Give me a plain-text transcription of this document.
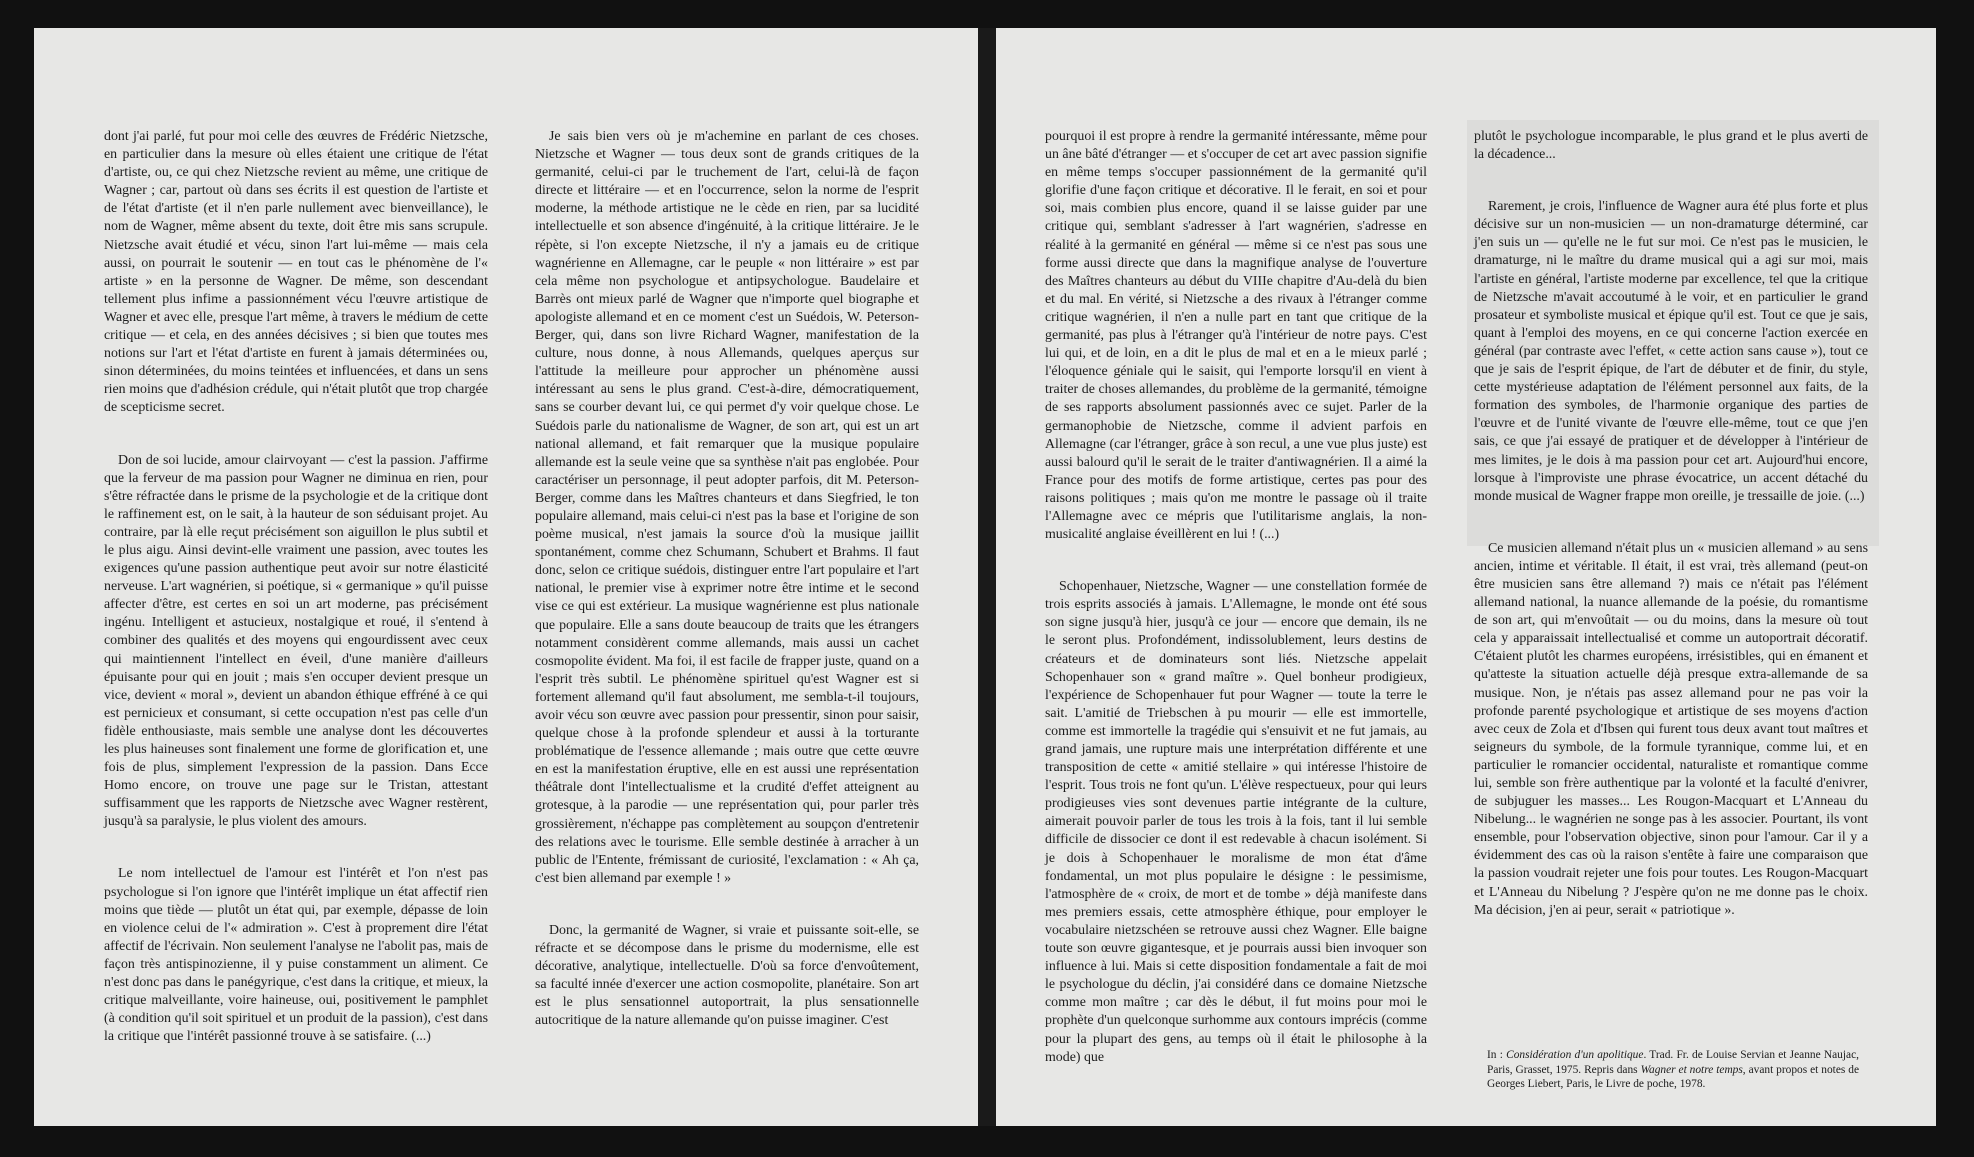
dont j'ai parlé, fut pour moi celle des œuvres de Frédéric Nietzsche, en particulier dans la mesure où elles étaient une critique de l'état d'artiste, ou, ce qui chez Nietzsche revient au même, une critique de Wagner ; car, partout où dans ses écrits il est question de l'artiste et de l'état d'artiste (et il n'en parle nullement avec bienveillance), le nom de Wagner, même absent du texte, doit être mis sans scrupule. Nietzsche avait étudié et vécu, sinon l'art lui-même — mais cela aussi, on pourrait le soutenir — en tout cas le phénomène de l'« artiste » en la personne de Wagner. De même, son descendant tellement plus infime a passionnément vécu l'œuvre artistique de Wagner et avec elle, presque l'art même, à travers le médium de cette critique — et cela, en des années décisives ; si bien que toutes mes notions sur l'art et l'état d'artiste en furent à jamais déterminées ou, sinon déterminées, du moins teintées et influencées, et dans un sens rien moins que d'adhésion crédule, qui n'était plutôt que trop chargée de scepticisme secret.

Don de soi lucide, amour clairvoyant — c'est la passion. J'affirme que la ferveur de ma passion pour Wagner ne diminua en rien, pour s'être réfractée dans le prisme de la psychologie et de la critique dont le raffinement est, on le sait, à la hauteur de son séduisant projet. Au contraire, par là elle reçut précisément son aiguillon le plus subtil et le plus aigu. Ainsi devint-elle vraiment une passion, avec toutes les exigences qu'une passion authentique peut avoir sur notre élasticité nerveuse. L'art wagnérien, si poétique, si « germanique » qu'il puisse affecter d'être, est certes en soi un art moderne, pas précisément ingénu. Intelligent et astucieux, nostalgique et roué, il s'entend à combiner des qualités et des moyens qui engourdissent avec ceux qui maintiennent l'intellect en éveil, d'une manière d'ailleurs épuisante pour qui en jouit ; mais s'en occuper devient presque un vice, devient « moral », devient un abandon éthique effréné à ce qui est pernicieux et consumant, si cette occupation n'est pas celle d'un fidèle enthousiaste, mais semble une analyse dont les découvertes les plus haineuses sont finalement une forme de glorification et, une fois de plus, simplement l'expression de la passion. Dans Ecce Homo encore, on trouve une page sur le Tristan, attestant suffisamment que les rapports de Nietzsche avec Wagner restèrent, jusqu'à sa paralysie, le plus violent des amours.

Le nom intellectuel de l'amour est l'intérêt et l'on n'est pas psychologue si l'on ignore que l'intérêt implique un état affectif rien moins que tiède — plutôt un état qui, par exemple, dépasse de loin en violence celui de l'« admiration ». C'est à proprement dire l'état affectif de l'écrivain. Non seulement l'analyse ne l'abolit pas, mais de façon très antispinozienne, il y puise constamment un aliment. Ce n'est donc pas dans le panégyrique, c'est dans la critique, et mieux, la critique malveillante, voire haineuse, oui, positivement le pamphlet (à condition qu'il soit spirituel et un produit de la passion), c'est dans la critique que l'intérêt passionné trouve à se satisfaire. (...)

Je sais bien vers où je m'achemine en parlant de ces choses. Nietzsche et Wagner — tous deux sont de grands critiques de la germanité, celui-ci par le truchement de l'art, celui-là de façon directe et littéraire — et en l'occurrence, selon la norme de l'esprit moderne, la méthode artistique ne le cède en rien, par sa lucidité intellectuelle et son absence d'ingénuité, à la critique littéraire. Je le répète, si l'on excepte Nietzsche, il n'y a jamais eu de critique wagnérienne en Allemagne, car le peuple « non littéraire » est par cela même non psychologue et antipsychologue. Baudelaire et Barrès ont mieux parlé de Wagner que n'importe quel biographe et apologiste allemand et en ce moment c'est un Suédois, W. Peterson-Berger, qui, dans son livre Richard Wagner, manifestation de la culture, nous donne, à nous Allemands, quelques aperçus sur l'attitude la meilleure pour approcher un phénomène aussi intéressant au sens le plus grand. C'est-à-dire, démocratiquement, sans se courber devant lui, ce qui permet d'y voir quelque chose. Le Suédois parle du nationalisme de Wagner, de son art, qui est un art national allemand, et fait remarquer que la musique populaire allemande est la seule veine que sa synthèse n'ait pas englobée. Pour caractériser un personnage, il peut adopter parfois, dit M. Peterson-Berger, comme dans les Maîtres chanteurs et dans Siegfried, le ton populaire allemand, mais celui-ci n'est pas la base et l'origine de son poème musical, n'est jamais la source d'où la musique jaillit spontanément, comme chez Schumann, Schubert et Brahms. Il faut donc, selon ce critique suédois, distinguer entre l'art populaire et l'art national, le premier vise à exprimer notre être intime et le second vise ce qui est extérieur. La musique wagnérienne est plus nationale que populaire. Elle a sans doute beaucoup de traits que les étrangers notamment considèrent comme allemands, mais aussi un cachet cosmopolite évident. Ma foi, il est facile de frapper juste, quand on a l'esprit très subtil. Le phénomène spirituel qu'est Wagner est si fortement allemand qu'il faut absolument, me sembla-t-il toujours, avoir vécu son œuvre avec passion pour pressentir, sinon pour saisir, quelque chose à la profonde splendeur et aussi à la torturante problématique de l'essence allemande ; mais outre que cette œuvre en est la manifestation éruptive, elle en est aussi une représentation théâtrale dont l'intellectualisme et la crudité d'effet atteignent au grotesque, à la parodie — une représentation qui, pour parler très grossièrement, n'échappe pas complètement au soupçon d'entretenir des relations avec le tourisme. Elle semble destinée à arracher à un public de l'Entente, frémissant de curiosité, l'exclamation : « Ah ça, c'est bien allemand par exemple ! »

Donc, la germanité de Wagner, si vraie et puissante soit-elle, se réfracte et se décompose dans le prisme du modernisme, elle est décorative, analytique, intellectuelle. D'où sa force d'envoûtement, sa faculté innée d'exercer une action cosmopolite, planétaire. Son art est le plus sensationnel autoportrait, la plus sensationnelle autocritique de la nature allemande qu'on puisse imaginer. C'est

pourquoi il est propre à rendre la germanité intéressante, même pour un âne bâté d'étranger — et s'occuper de cet art avec passion signifie en même temps s'occuper passionnément de la germanité qu'il glorifie d'une façon critique et décorative. Il le ferait, en soi et pour soi, mais combien plus encore, quand il se laisse guider par une critique qui, semblant s'adresser à l'art wagnérien, s'adresse en réalité à la germanité en général — même si ce n'est pas sous une forme aussi directe que dans la magnifique analyse de l'ouverture des Maîtres chanteurs au début du VIIIe chapitre d'Au-delà du bien et du mal. En vérité, si Nietzsche a des rivaux à l'étranger comme critique wagnérien, il n'en a nulle part en tant que critique de la germanité, pas plus à l'étranger qu'à l'intérieur de notre pays. C'est lui qui, et de loin, en a dit le plus de mal et en a le mieux parlé ; l'éloquence géniale qui le saisit, qui l'emporte lorsqu'il en vient à traiter de choses allemandes, du problème de la germanité, témoigne de ses rapports absolument passionnés avec ce sujet. Parler de la germanophobie de Nietzsche, comme il advient parfois en Allemagne (car l'étranger, grâce à son recul, a une vue plus juste) est aussi balourd qu'il le serait de le traiter d'antiwagnérien. Il a aimé la France pour des motifs de forme artistique, certes pas pour des raisons politiques ; mais qu'on me montre le passage où il traite l'Allemagne avec ce mépris que l'utilitarisme anglais, la non-musicalité anglaise éveillèrent en lui ! (...)

Schopenhauer, Nietzsche, Wagner — une constellation formée de trois esprits associés à jamais. L'Allemagne, le monde ont été sous son signe jusqu'à hier, jusqu'à ce jour — encore que demain, ils ne le seront plus. Profondément, indissolublement, leurs destins de créateurs et de dominateurs sont liés. Nietzsche appelait Schopenhauer son « grand maître ». Quel bonheur prodigieux, l'expérience de Schopenhauer fut pour Wagner — toute la terre le sait. L'amitié de Triebschen à pu mourir — elle est immortelle, comme est immortelle la tragédie qui s'ensuivit et ne fut jamais, au grand jamais, une rupture mais une interprétation différente et une transposition de cette « amitié stellaire » qui intéresse l'histoire de l'esprit. Tous trois ne font qu'un. L'élève respectueux, pour qui leurs prodigieuses vies sont devenues partie intégrante de la culture, aimerait pouvoir parler de tous les trois à la fois, tant il lui semble difficile de dissocier ce dont il est redevable à chacun isolément. Si je dois à Schopenhauer le moralisme de mon état d'âme fondamental, un mot plus populaire le désigne : le pessimisme, l'atmosphère de « croix, de mort et de tombe » déjà manifeste dans mes premiers essais, cette atmosphère éthique, pour employer le vocabulaire nietzschéen se retrouve aussi chez Wagner. Elle baigne toute son œuvre gigantesque, et je pourrais aussi bien invoquer son influence à lui. Mais si cette disposition fondamentale a fait de moi le psychologue du déclin, j'ai considéré dans ce domaine Nietzsche comme mon maître ; car dès le début, il fut moins pour moi le prophète d'un quelconque surhomme aux contours imprécis (comme pour la plupart des gens, au temps où il était le philosophe à la mode) que

plutôt le psychologue incomparable, le plus grand et le plus averti de la décadence...

Rarement, je crois, l'influence de Wagner aura été plus forte et plus décisive sur un non-musicien — un non-dramaturge déterminé, car j'en suis un — qu'elle ne le fut sur moi. Ce n'est pas le musicien, le dramaturge, ni le maître du drame musical qui a agi sur moi, mais l'artiste en général, l'artiste moderne par excellence, tel que la critique de Nietzsche m'avait accoutumé à le voir, et en particulier le grand prosateur et symboliste musical et épique qu'il est. Tout ce que je sais, quant à l'emploi des moyens, en ce qui concerne l'action exercée en général (par contraste avec l'effet, « cette action sans cause »), tout ce que je sais de l'esprit épique, de l'art de débuter et de finir, du style, cette mystérieuse adaptation de l'élément personnel aux faits, de la formation des symboles, de l'harmonie organique des parties de l'œuvre et de l'unité vivante de l'œuvre elle-même, tout ce que j'en sais, ce que j'ai essayé de pratiquer et de développer à l'intérieur de mes limites, je le dois à ma passion pour cet art. Aujourd'hui encore, lorsque à l'improviste une phrase évocatrice, un accent détaché du monde musical de Wagner frappe mon oreille, je tressaille de joie. (...)

Ce musicien allemand n'était plus un « musicien allemand » au sens ancien, intime et véritable. Il était, il est vrai, très allemand (peut-on être musicien sans être allemand ?) mais ce n'était pas l'élément allemand national, la nuance allemande de la poésie, du romantisme de son art, qui m'envoûtait — ou du moins, dans la mesure où tout cela y apparaissait intellectualisé et comme un autoportrait décoratif. C'étaient plutôt les charmes européens, irrésistibles, qui en émanent et qu'atteste la situation actuelle déjà presque extra-allemande de sa musique. Non, je n'étais pas assez allemand pour ne pas voir la profonde parenté psychologique et artistique de ses moyens d'action avec ceux de Zola et d'Ibsen qui furent tous deux avant tout maîtres et seigneurs du symbole, de la formule tyrannique, comme lui, et en particulier le romancier occidental, naturaliste et romantique comme lui, semble son frère authentique par la volonté et la faculté d'enivrer, de subjuguer les masses... Les Rougon-Macquart et L'Anneau du Nibelung... le wagnérien ne songe pas à les associer. Pourtant, ils vont ensemble, pour l'observation objective, sinon pour l'amour. Car il y a évidemment des cas où la raison s'entête à faire une comparaison que la passion voudrait rejeter une fois pour toutes. Les Rougon-Macquart et L'Anneau du Nibelung ? J'espère qu'on ne me donne pas le choix. Ma décision, j'en ai peur, serait « patriotique ».

In : Considération d'un apolitique. Trad. Fr. de Louise Servian et Jeanne Naujac, Paris, Grasset, 1975. Repris dans Wagner et notre temps, avant propos et notes de Georges Liebert, Paris, le Livre de poche, 1978.
